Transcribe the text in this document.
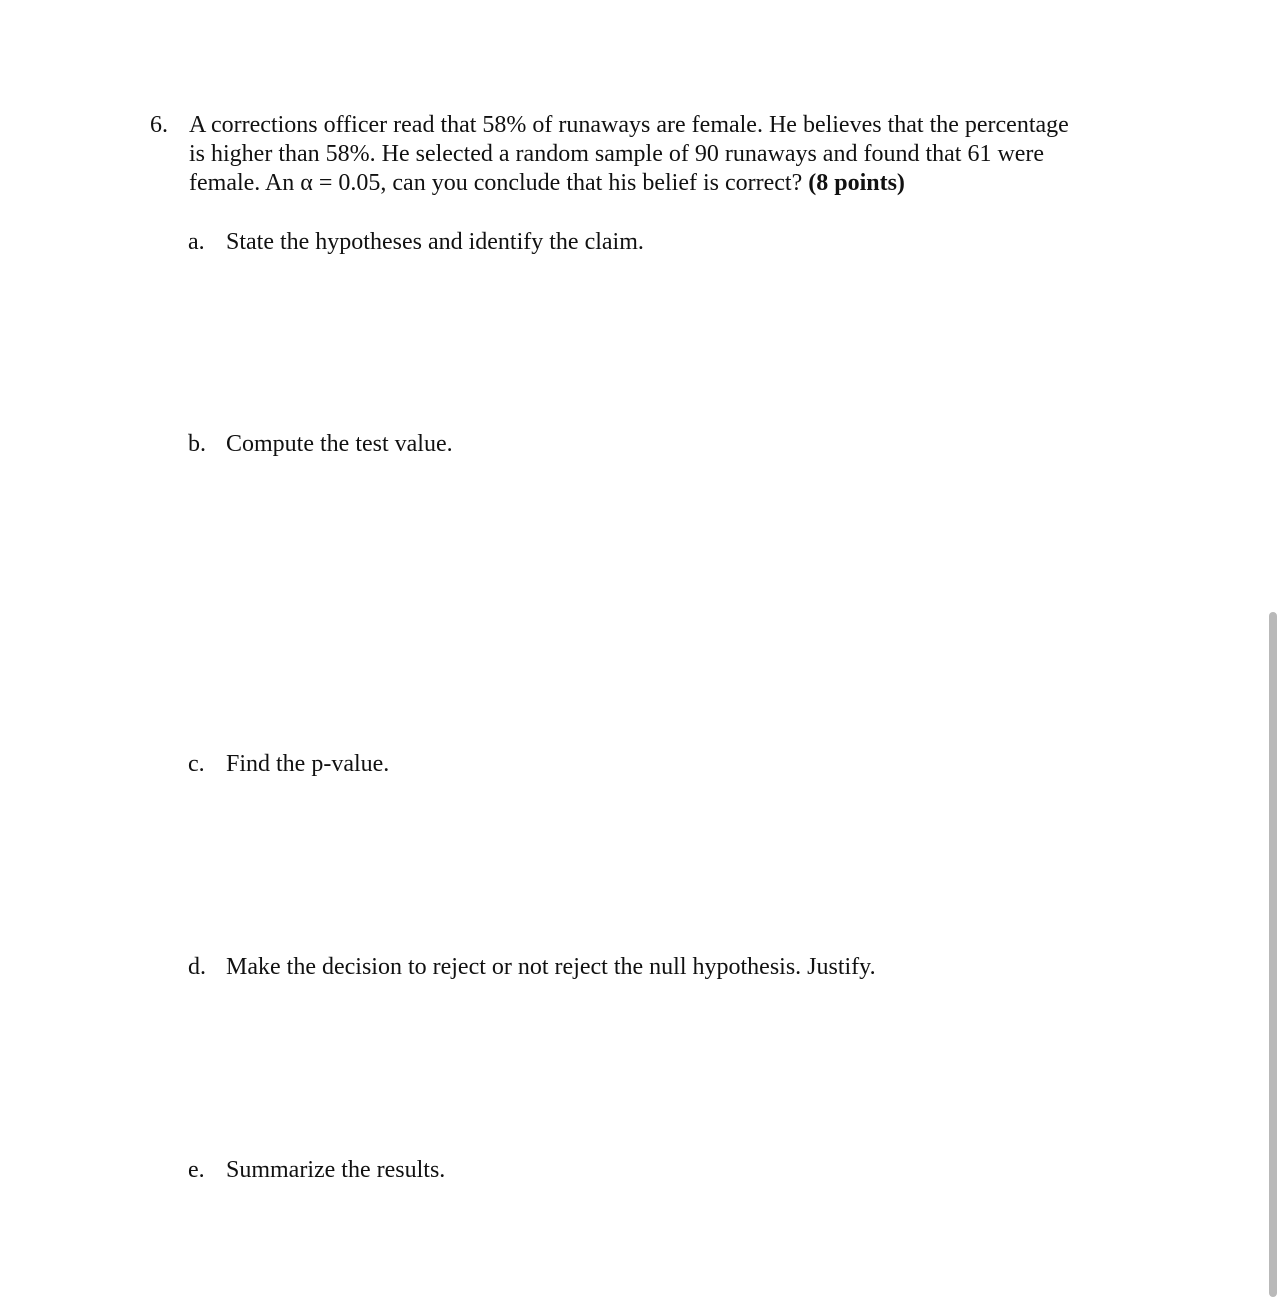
6. A corrections officer read that 58% of runaways are female. He believes that the percentage
is higher than 58%. He selected a random sample of 90 runaways and found that 61 were
female. An α = 0.05, can you conclude that his belief is correct? (8 points)
a. State the hypotheses and identify the claim.
b. Compute the test value.
c. Find the p-value.
d. Make the decision to reject or not reject the null hypothesis. Justify.
e. Summarize the results.
